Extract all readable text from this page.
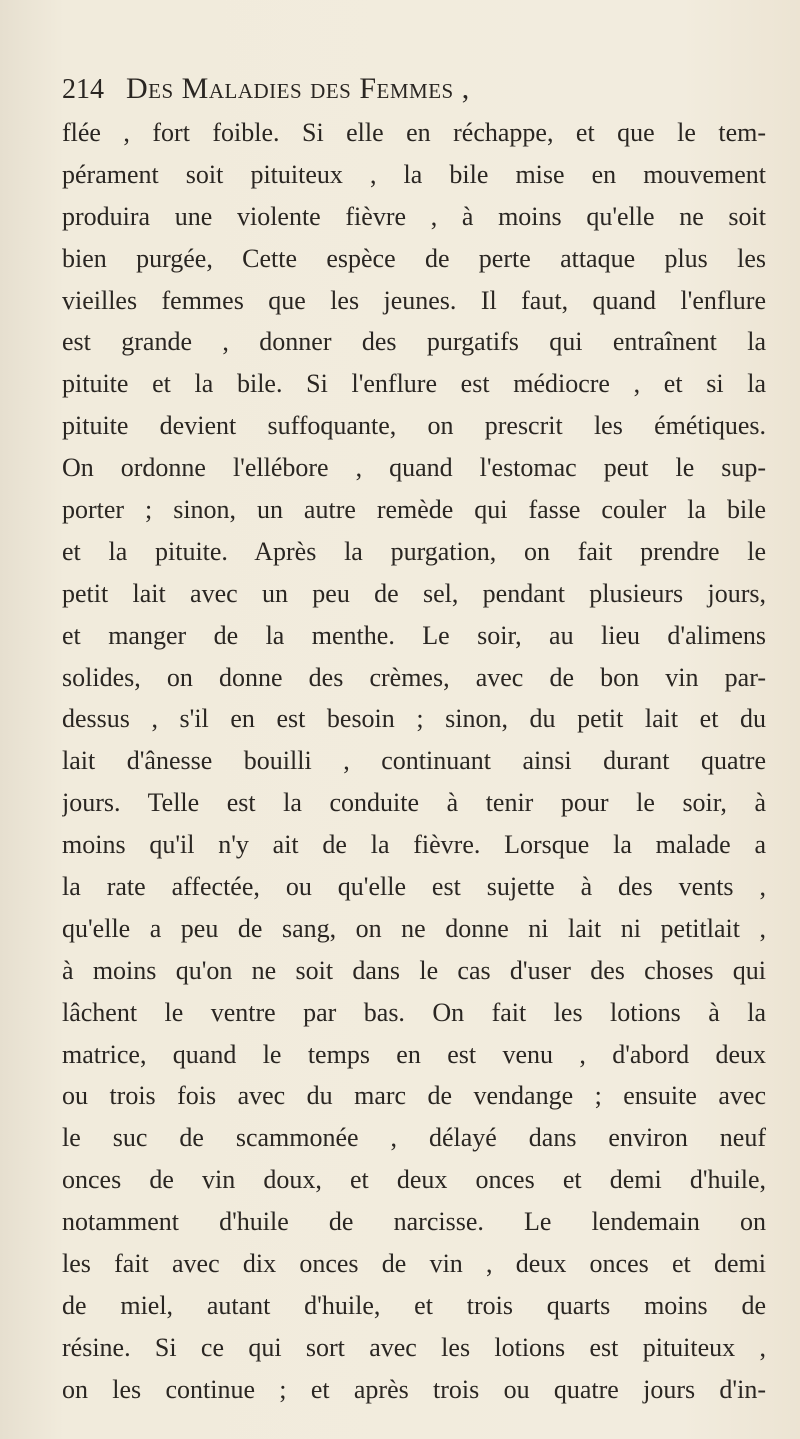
214 Des Maladies des Femmes ,
flée , fort foible. Si elle en réchappe, et que le tem-
pérament soit pituiteux , la bile mise en mouvement
produira une violente fièvre , à moins qu'elle ne soit
bien purgée, Cette espèce de perte attaque plus les
vieilles femmes que les jeunes. Il faut, quand l'enflure
est grande , donner des purgatifs qui entraînent la
pituite et la bile. Si l'enflure est médiocre , et si la
pituite devient suffoquante, on prescrit les émétiques.
On ordonne l'ellébore , quand l'estomac peut le sup-
porter ; sinon, un autre remède qui fasse couler la bile
et la pituite. Après la purgation, on fait prendre le
petit lait avec un peu de sel, pendant plusieurs jours,
et manger de la menthe. Le soir, au lieu d'alimens
solides, on donne des crèmes, avec de bon vin par-
dessus , s'il en est besoin ; sinon, du petit lait et du
lait d'ânesse bouilli , continuant ainsi durant quatre
jours. Telle est la conduite à tenir pour le soir, à
moins qu'il n'y ait de la fièvre. Lorsque la malade a
la rate affectée, ou qu'elle est sujette à des vents ,
qu'elle a peu de sang, on ne donne ni lait ni petitlait ,
à moins qu'on ne soit dans le cas d'user des choses qui
lâchent le ventre par bas. On fait les lotions à la
matrice, quand le temps en est venu , d'abord deux
ou trois fois avec du marc de vendange ; ensuite avec
le suc de scammonée , délayé dans environ neuf
onces de vin doux, et deux onces et demi d'huile,
notamment d'huile de narcisse. Le lendemain on
les fait avec dix onces de vin , deux onces et demi
de miel, autant d'huile, et trois quarts moins de
résine. Si ce qui sort avec les lotions est pituiteux ,
on les continue ; et après trois ou quatre jours d'in-
